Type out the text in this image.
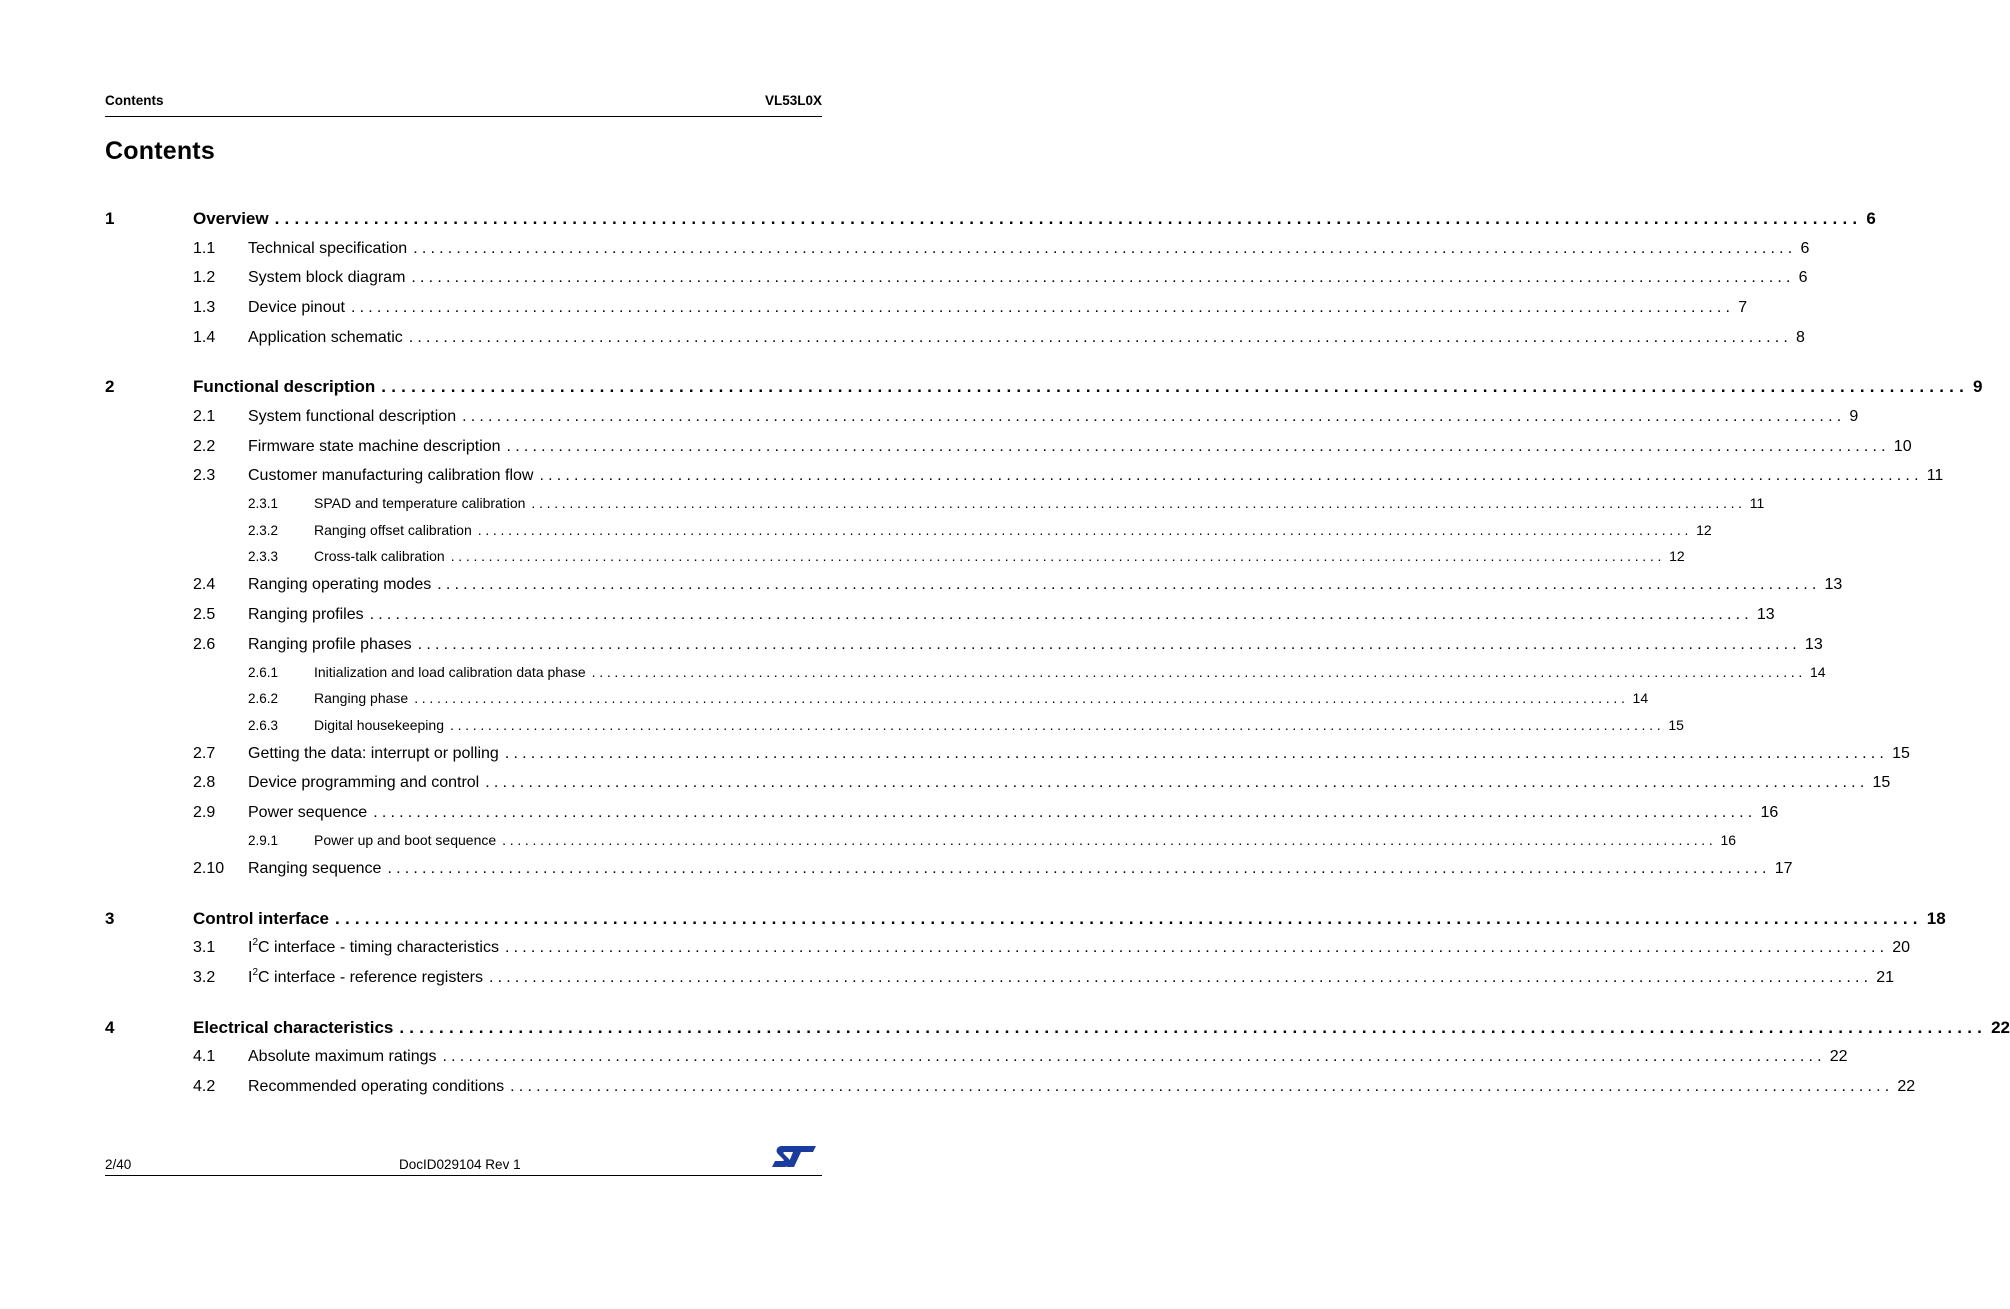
Contents	VL53L0X
Contents
1	Overview ................................................................................................................................................................ 6
1.1	Technical specification ................................................................................................................................................................ 6
1.2	System block diagram ................................................................................................................................................................ 6
1.3	Device pinout ................................................................................................................................................................ 7
1.4	Application schematic ................................................................................................................................................................ 8
2	Functional description ................................................................................................................................................................ 9
2.1	System functional description ................................................................................................................................................................ 9
2.2	Firmware state machine description ................................................................................................................................................................ 10
2.3	Customer manufacturing calibration flow ................................................................................................................................................................ 11
2.3.1	SPAD and temperature calibration ................................................................................................................................................................ 11
2.3.2	Ranging offset calibration ................................................................................................................................................................ 12
2.3.3	Cross-talk calibration ................................................................................................................................................................ 12
2.4	Ranging operating modes ................................................................................................................................................................ 13
2.5	Ranging profiles ................................................................................................................................................................ 13
2.6	Ranging profile phases ................................................................................................................................................................ 13
2.6.1	Initialization and load calibration data phase ................................................................................................................................................................ 14
2.6.2	Ranging phase ................................................................................................................................................................ 14
2.6.3	Digital housekeeping ................................................................................................................................................................ 15
2.7	Getting the data: interrupt or polling ................................................................................................................................................................ 15
2.8	Device programming and control ................................................................................................................................................................ 15
2.9	Power sequence ................................................................................................................................................................ 16
2.9.1	Power up and boot sequence ................................................................................................................................................................ 16
2.10	Ranging sequence ................................................................................................................................................................ 17
3	Control interface ................................................................................................................................................................ 18
3.1	$I^2C$ interface - timing characteristics ................................................................................................................................................................ 20
3.2	$I^2C$ interface - reference registers ................................................................................................................................................................ 21
4	Electrical characteristics ................................................................................................................................................................ 22
4.1	Absolute maximum ratings ................................................................................................................................................................ 22
4.2	Recommended operating conditions ................................................................................................................................................................ 22
2/40	DocID029104 Rev 1
